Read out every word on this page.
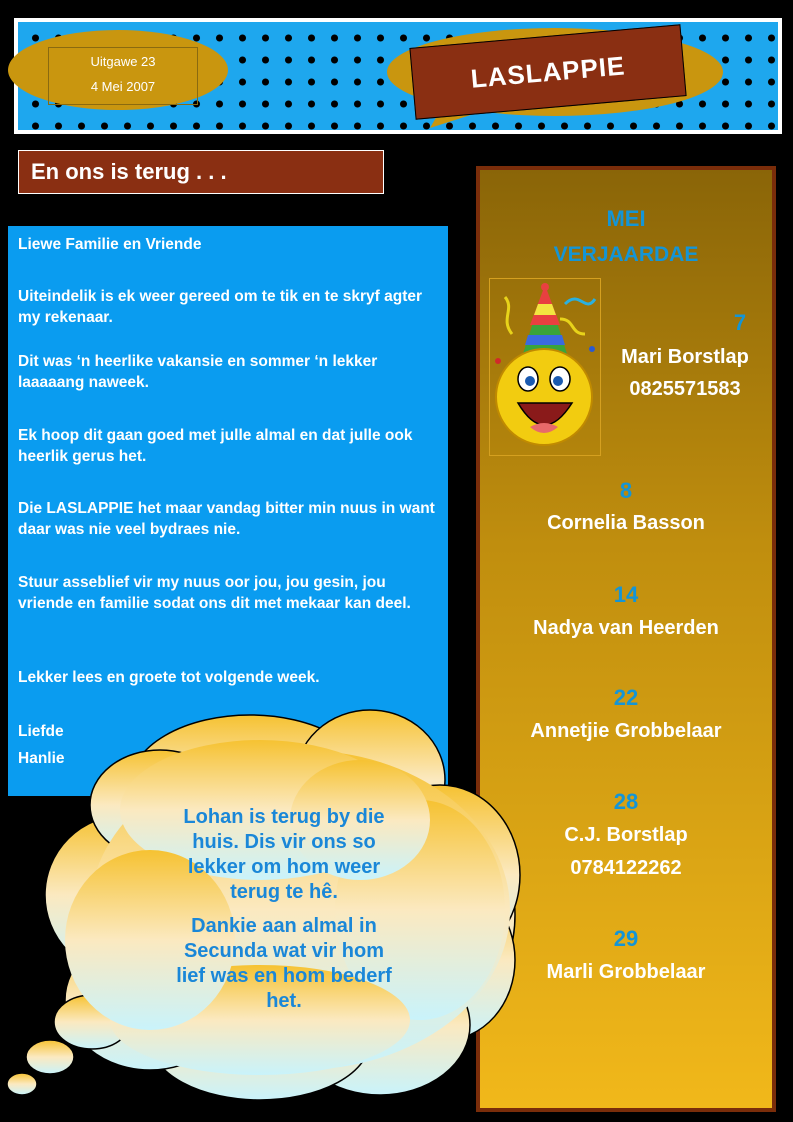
Uitgawe 23
4 Mei 2007	LASLAPPIE
En ons is terug . . .

Liewe Familie en Vriende

Uiteindelik is ek weer gereed om te tik en te skryf agter my rekenaar.

Dit was ‘n heerlike vakansie en sommer ‘n lekker laaaaang naweek.

Ek hoop dit gaan goed met julle almal en dat julle ook heerlik gerus het.

Die LASLAPPIE het maar vandag bitter min nuus in want daar was nie veel bydraes nie.

Stuur asseblief vir my nuus oor jou, jou gesin, jou vriende en familie sodat ons dit met mekaar kan deel.

Lekker lees en groete tot volgende week.

Liefde

Hanlie

MEI
VERJAARDAE
7
Mari Borstlap
0825571583
8
Cornelia Basson
14
Nadya van Heerden
22
Annetjie Grobbelaar
28
C.J. Borstlap
0784122262
29
Marli Grobbelaar
Lohan is terug by die
huis. Dis vir ons so
lekker om hom weer
terug te hê.
Dankie aan almal in
Secunda wat vir hom
lief was en hom bederf
het.
